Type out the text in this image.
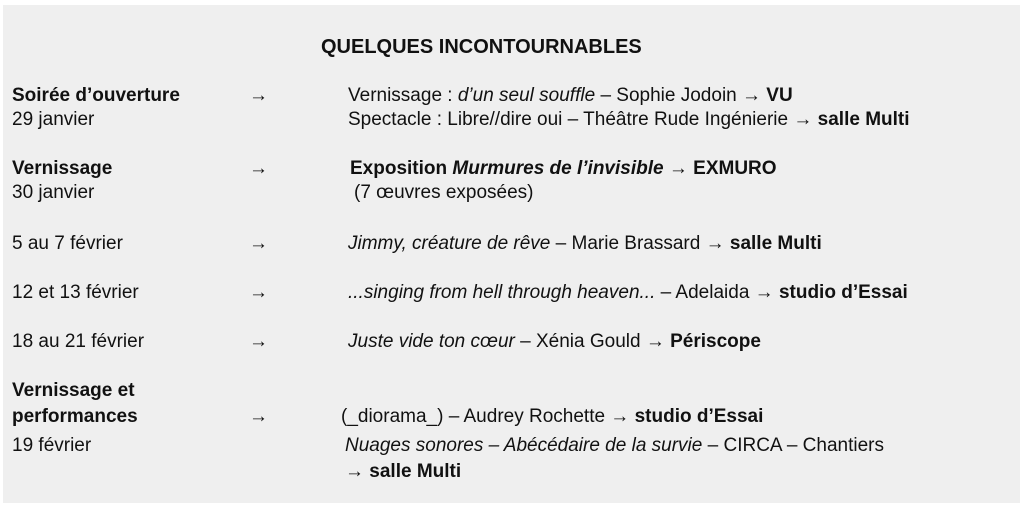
QUELQUES INCONTOURNABLES
Soirée d’ouverture	→	Vernissage : d’un seul souffle – Sophie Jodoin → VU
29 janvier	Spectacle : Libre//dire oui – Théâtre Rude Ingénierie → salle Multi
Vernissage	→	Exposition Murmures de l’invisible → EXMURO
30 janvier	(7 œuvres exposées)
5 au 7 février	→	Jimmy, créature de rêve – Marie Brassard → salle Multi
12 et 13 février	→	...singing from hell through heaven... – Adelaida → studio d’Essai
18 au 21 février	→	Juste vide ton cœur – Xénia Gould → Périscope
Vernissage et
performances	→	(_diorama_) – Audrey Rochette → studio d’Essai
19 février	Nuages sonores – Abécédaire de la survie – CIRCA – Chantiers
→ salle Multi
